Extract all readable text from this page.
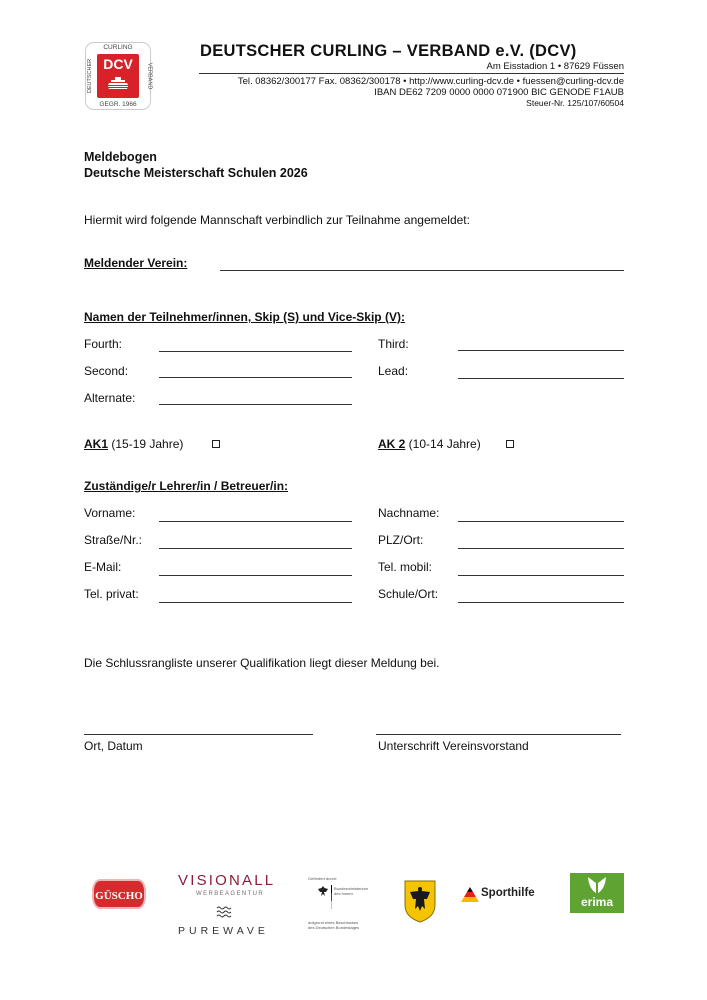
CURLING
DEUTSCHER	VERBAND
DCV
GEGR. 1966
DEUTSCHER CURLING – VERBAND e.V. (DCV)
Am Eisstadion 1 • 87629 Füssen
Tel. 08362/300177 Fax. 08362/300178 • http://www.curling-dcv.de • fuessen@curling-dcv.de
IBAN DE62 7209 0000 0000 071900 BIC GENODE F1AUB
Steuer-Nr. 125/107/60504
Meldebogen
Deutsche Meisterschaft Schulen 2026
Hiermit wird folgende Mannschaft verbindlich zur Teilnahme angemeldet:
Meldender Verein:
Namen der Teilnehmer/innen, Skip (S) und Vice-Skip (V):
Fourth:	Third:
Second:	Lead:
Alternate:
AK1 (15-19 Jahre)	AK 2 (10-14 Jahre)
Zuständige/r Lehrer/in / Betreuer/in:
Vorname:	Nachname:
Straße/Nr.:	PLZ/Ort:
E-Mail:	Tel. mobil:
Tel. privat:	Schule/Ort:
Die Schlussrangliste unserer Qualifikation liegt dieser Meldung bei.
Ort, Datum	Unterschrift Vereinsvorstand
GÜSCHO
VISIONALL
WERBEAGENTUR
PUREWAVE
Gefördert durch:
Bundesministerium
des Innern
aufgrund eines Beschlusses
des Deutschen Bundestages
Sporthilfe
erima
